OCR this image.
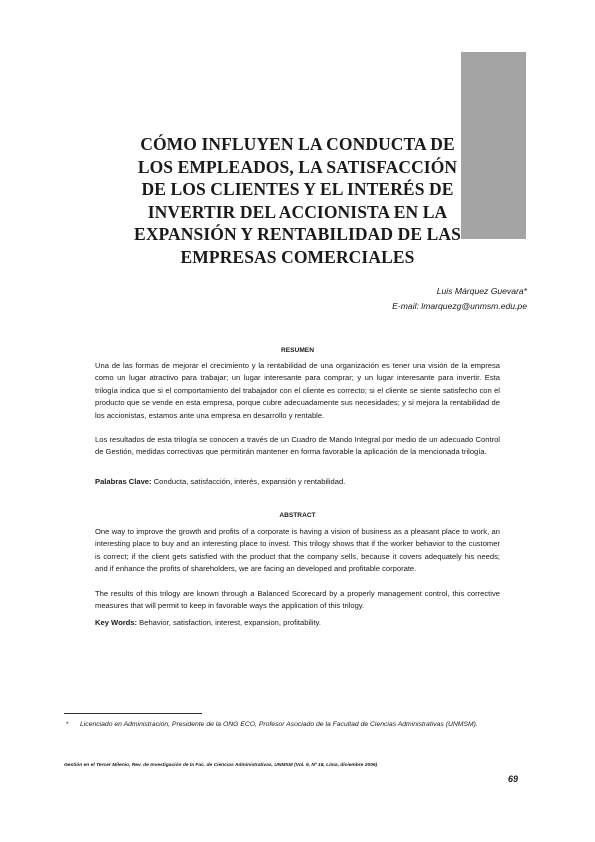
CÓMO INFLUYEN LA CONDUCTA DE
LOS EMPLEADOS, LA SATISFACCIÓN
DE LOS CLIENTES Y EL INTERÉS DE
INVERTIR DEL ACCIONISTA EN LA
EXPANSIÓN Y RENTABILIDAD DE LAS
EMPRESAS COMERCIALES
Luis Márquez Guevara*
E-mail: lmarquezg@unmsm.edu.pe
RESUMEN

Una de las formas de mejorar el crecimiento y la rentabilidad de una organización es tener una visión de la empresa como un lugar atractivo para trabajar; un lugar interesante para comprar; y un lugar interesante para invertir. Esta trilogía indica que si el comportamiento del trabajador con el cliente es correcto; si el cliente se siente satisfecho con el producto que se vende en esta empresa, porque cubre adecuadamente sus necesidades; y si mejora la rentabilidad de los accionistas, estamos ante una empresa en desarrollo y rentable.

Los resultados de esta trilogía se conocen a través de un Cuadro de Mando Integral por medio de un adecuado Control de Gestión, medidas correctivas que permitirán mantener en forma favorable la aplicación de la mencionada trilogía.

Palabras Clave: Conducta, satisfacción, interés, expansión y rentabilidad.

ABSTRACT

One way to improve the growth and profits of a corporate is having a vision of business as a pleasant place to work, an interesting place to buy and an interesting place to invest. This trilogy shows that if the worker behavior to the customer is correct; if the client gets satisfied with the product that the company sells, because it covers adequately his needs; and if enhance the profits of shareholders, we are facing an developed and profitable corporate.

The results of this trilogy are known through a Balanced Scorecard by a properly management control, this corrective measures that will permit to keep in favorable ways the application of this trilogy.

Key Words: Behavior, satisfaction, interest, expansion, profitability.

*	Licenciado en Administración, Presidente de la ONG ECO, Profesor Asociado de la Facultad de Ciencias Administrativas (UNMSM).

Gestión en el Tercer Milenio, Rev. de Investigación de la Fac. de Ciencias Administrativas, UNMSM (Vol. 9, Nº 18, Lima, diciembre 2006)
69
